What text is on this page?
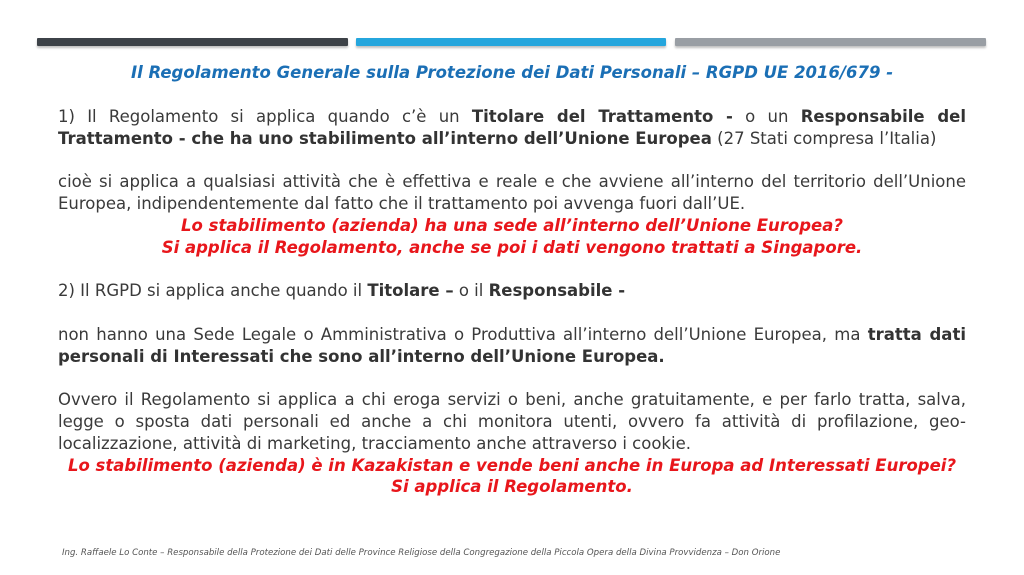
Il Regolamento Generale sulla Protezione dei Dati Personali – RGPD UE 2016/679 -

1) Il Regolamento si applica quando c’è un Titolare del Trattamento - o un Responsabile del Trattamento - che ha uno stabilimento all’interno dell’Unione Europea (27 Stati compresa l’Italia)

cioè si applica a qualsiasi attività che è effettiva e reale e che avviene all’interno del territorio dell’Unione Europea, indipendentemente dal fatto che il trattamento poi avvenga fuori dall’UE.

Lo stabilimento (azienda) ha una sede all’interno dell’Unione Europea?

Si applica il Regolamento, anche se poi i dati vengono trattati a Singapore.

2) Il RGPD si applica anche quando il Titolare – o il Responsabile -

non hanno una Sede Legale o Amministrativa o Produttiva all’interno dell’Unione Europea, ma tratta dati personali di Interessati che sono all’interno dell’Unione Europea.

Ovvero il Regolamento si applica a chi eroga servizi o beni, anche gratuitamente, e per farlo tratta, salva, legge o sposta dati personali ed anche a chi monitora utenti, ovvero fa attività di profilazione, geo-localizzazione, attività di marketing, tracciamento anche attraverso i cookie.

Lo stabilimento (azienda) è in Kazakistan e vende beni anche in Europa ad Interessati Europei?

Si applica il Regolamento.

Ing. Raffaele Lo Conte – Responsabile della Protezione dei Dati delle Province Religiose della Congregazione della Piccola Opera della Divina Provvidenza – Don Orione
